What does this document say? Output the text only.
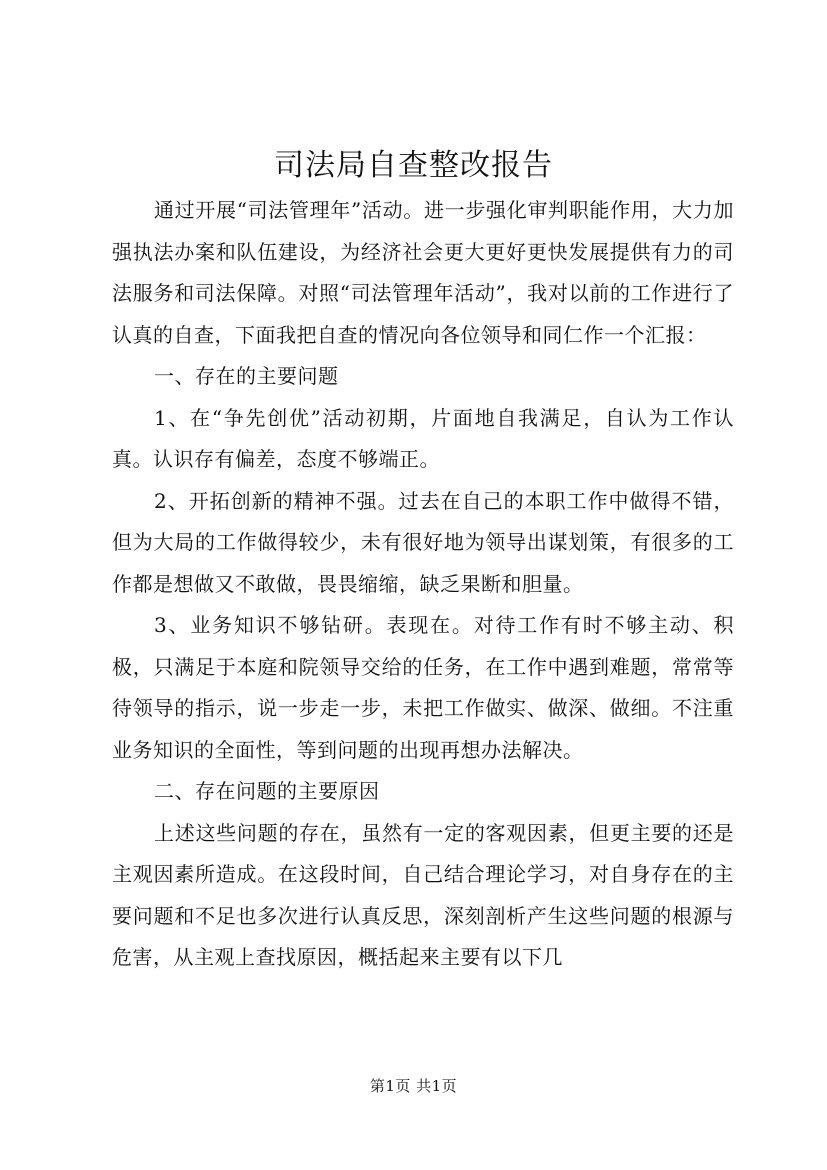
司法局自查整改报告

通过开展“司法管理年”活动。进一步强化审判职能作用，大力加强执法办案和队伍建设，为经济社会更大更好更快发展提供有力的司法服务和司法保障。对照“司法管理年活动”，我对以前的工作进行了认真的自查，下面我把自查的情况向各位领导和同仁作一个汇报：

一、存在的主要问题

1、在“争先创优”活动初期，片面地自我满足，自认为工作认真。认识存有偏差，态度不够端正。

2、开拓创新的精神不强。过去在自己的本职工作中做得不错，但为大局的工作做得较少，未有很好地为领导出谋划策，有很多的工作都是想做又不敢做，畏畏缩缩，缺乏果断和胆量。

3、业务知识不够钻研。表现在。对待工作有时不够主动、积极，只满足于本庭和院领导交给的任务，在工作中遇到难题，常常等待领导的指示，说一步走一步，未把工作做实、做深、做细。不注重业务知识的全面性，等到问题的出现再想办法解决。

二、存在问题的主要原因

上述这些问题的存在，虽然有一定的客观因素，但更主要的还是主观因素所造成。在这段时间，自己结合理论学习，对自身存在的主要问题和不足也多次进行认真反思，深刻剖析产生这些问题的根源与危害，从主观上查找原因，概括起来主要有以下几

第1页 共1页
